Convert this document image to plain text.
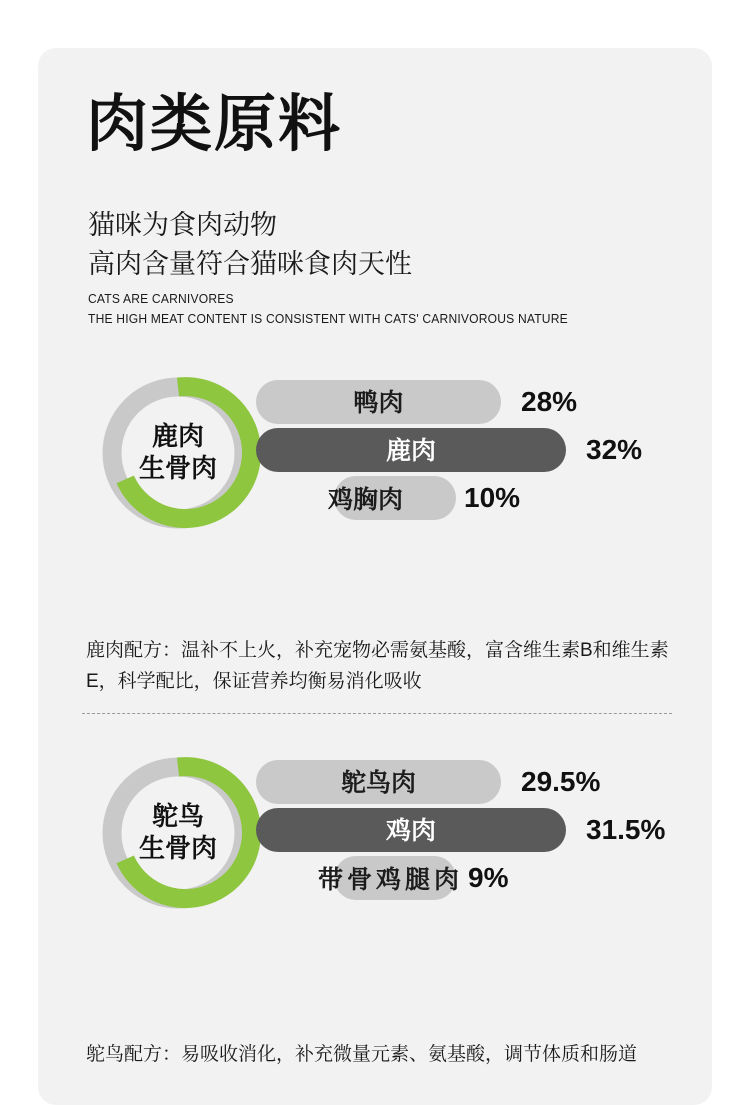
肉类原料
猫咪为食肉动物
高肉含量符合猫咪食肉天性
CATS ARE CARNIVORES
THE HIGH MEAT CONTENT IS CONSISTENT WITH CATS' CARNIVOROUS NATURE
鹿肉
生骨肉
鸭肉	28%
鹿肉	32%
鸡胸肉 10%
鹿肉配方：温补不上火，补充宠物必需氨基酸，富含维生素B和维生素E，科学配比，保证营养均衡易消化吸收
鸵鸟
生骨肉
鸵鸟肉	29.5%
鸡肉	31.5%
带骨鸡腿肉 9%
鸵鸟配方：易吸收消化，补充微量元素、氨基酸，调节体质和肠道
